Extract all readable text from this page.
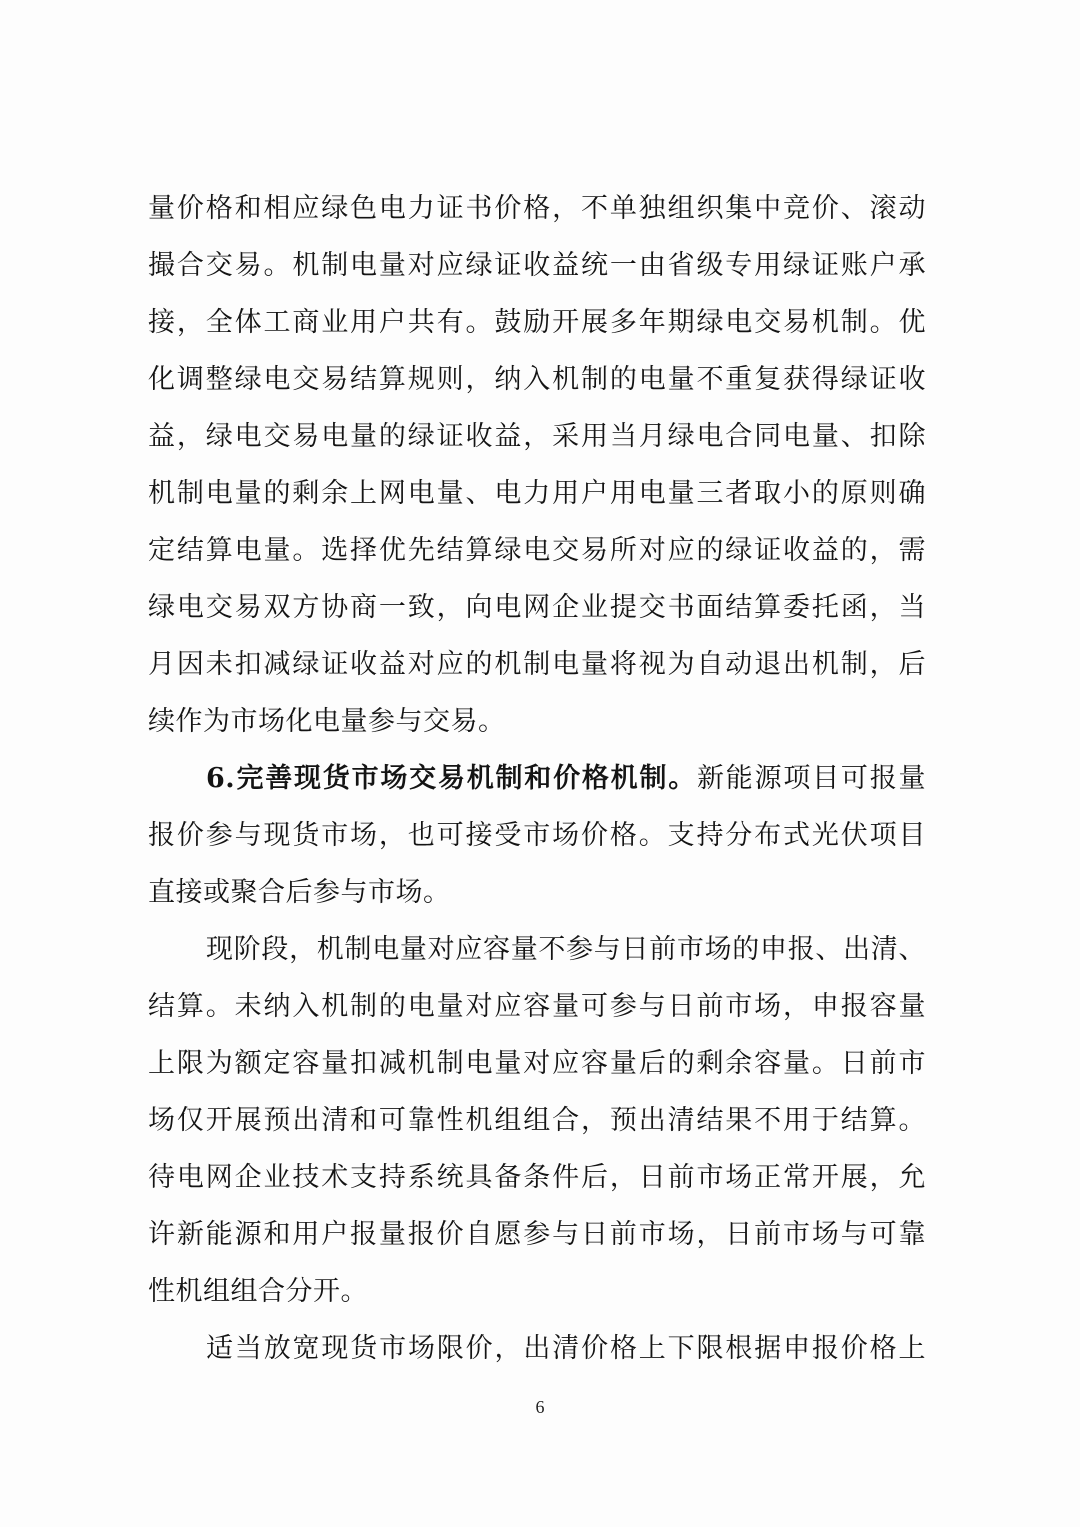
量价格和相应绿色电力证书价格，不单独组织集中竞价、滚动
撮合交易。机制电量对应绿证收益统一由省级专用绿证账户承
接，全体工商业用户共有。鼓励开展多年期绿电交易机制。优
化调整绿电交易结算规则，纳入机制的电量不重复获得绿证收
益，绿电交易电量的绿证收益，采用当月绿电合同电量、扣除
机制电量的剩余上网电量、电力用户用电量三者取小的原则确
定结算电量。选择优先结算绿电交易所对应的绿证收益的，需
绿电交易双方协商一致，向电网企业提交书面结算委托函，当
月因未扣减绿证收益对应的机制电量将视为自动退出机制，后
续作为市场化电量参与交易。
6.完善现货市场交易机制和价格机制。新能源项目可报量
报价参与现货市场，也可接受市场价格。支持分布式光伏项目
直接或聚合后参与市场。
现阶段，机制电量对应容量不参与日前市场的申报、出清、
结算。未纳入机制的电量对应容量可参与日前市场，申报容量
上限为额定容量扣减机制电量对应容量后的剩余容量。日前市
场仅开展预出清和可靠性机组组合，预出清结果不用于结算。
待电网企业技术支持系统具备条件后，日前市场正常开展，允
许新能源和用户报量报价自愿参与日前市场，日前市场与可靠
性机组组合分开。
适当放宽现货市场限价，出清价格上下限根据申报价格上
6
